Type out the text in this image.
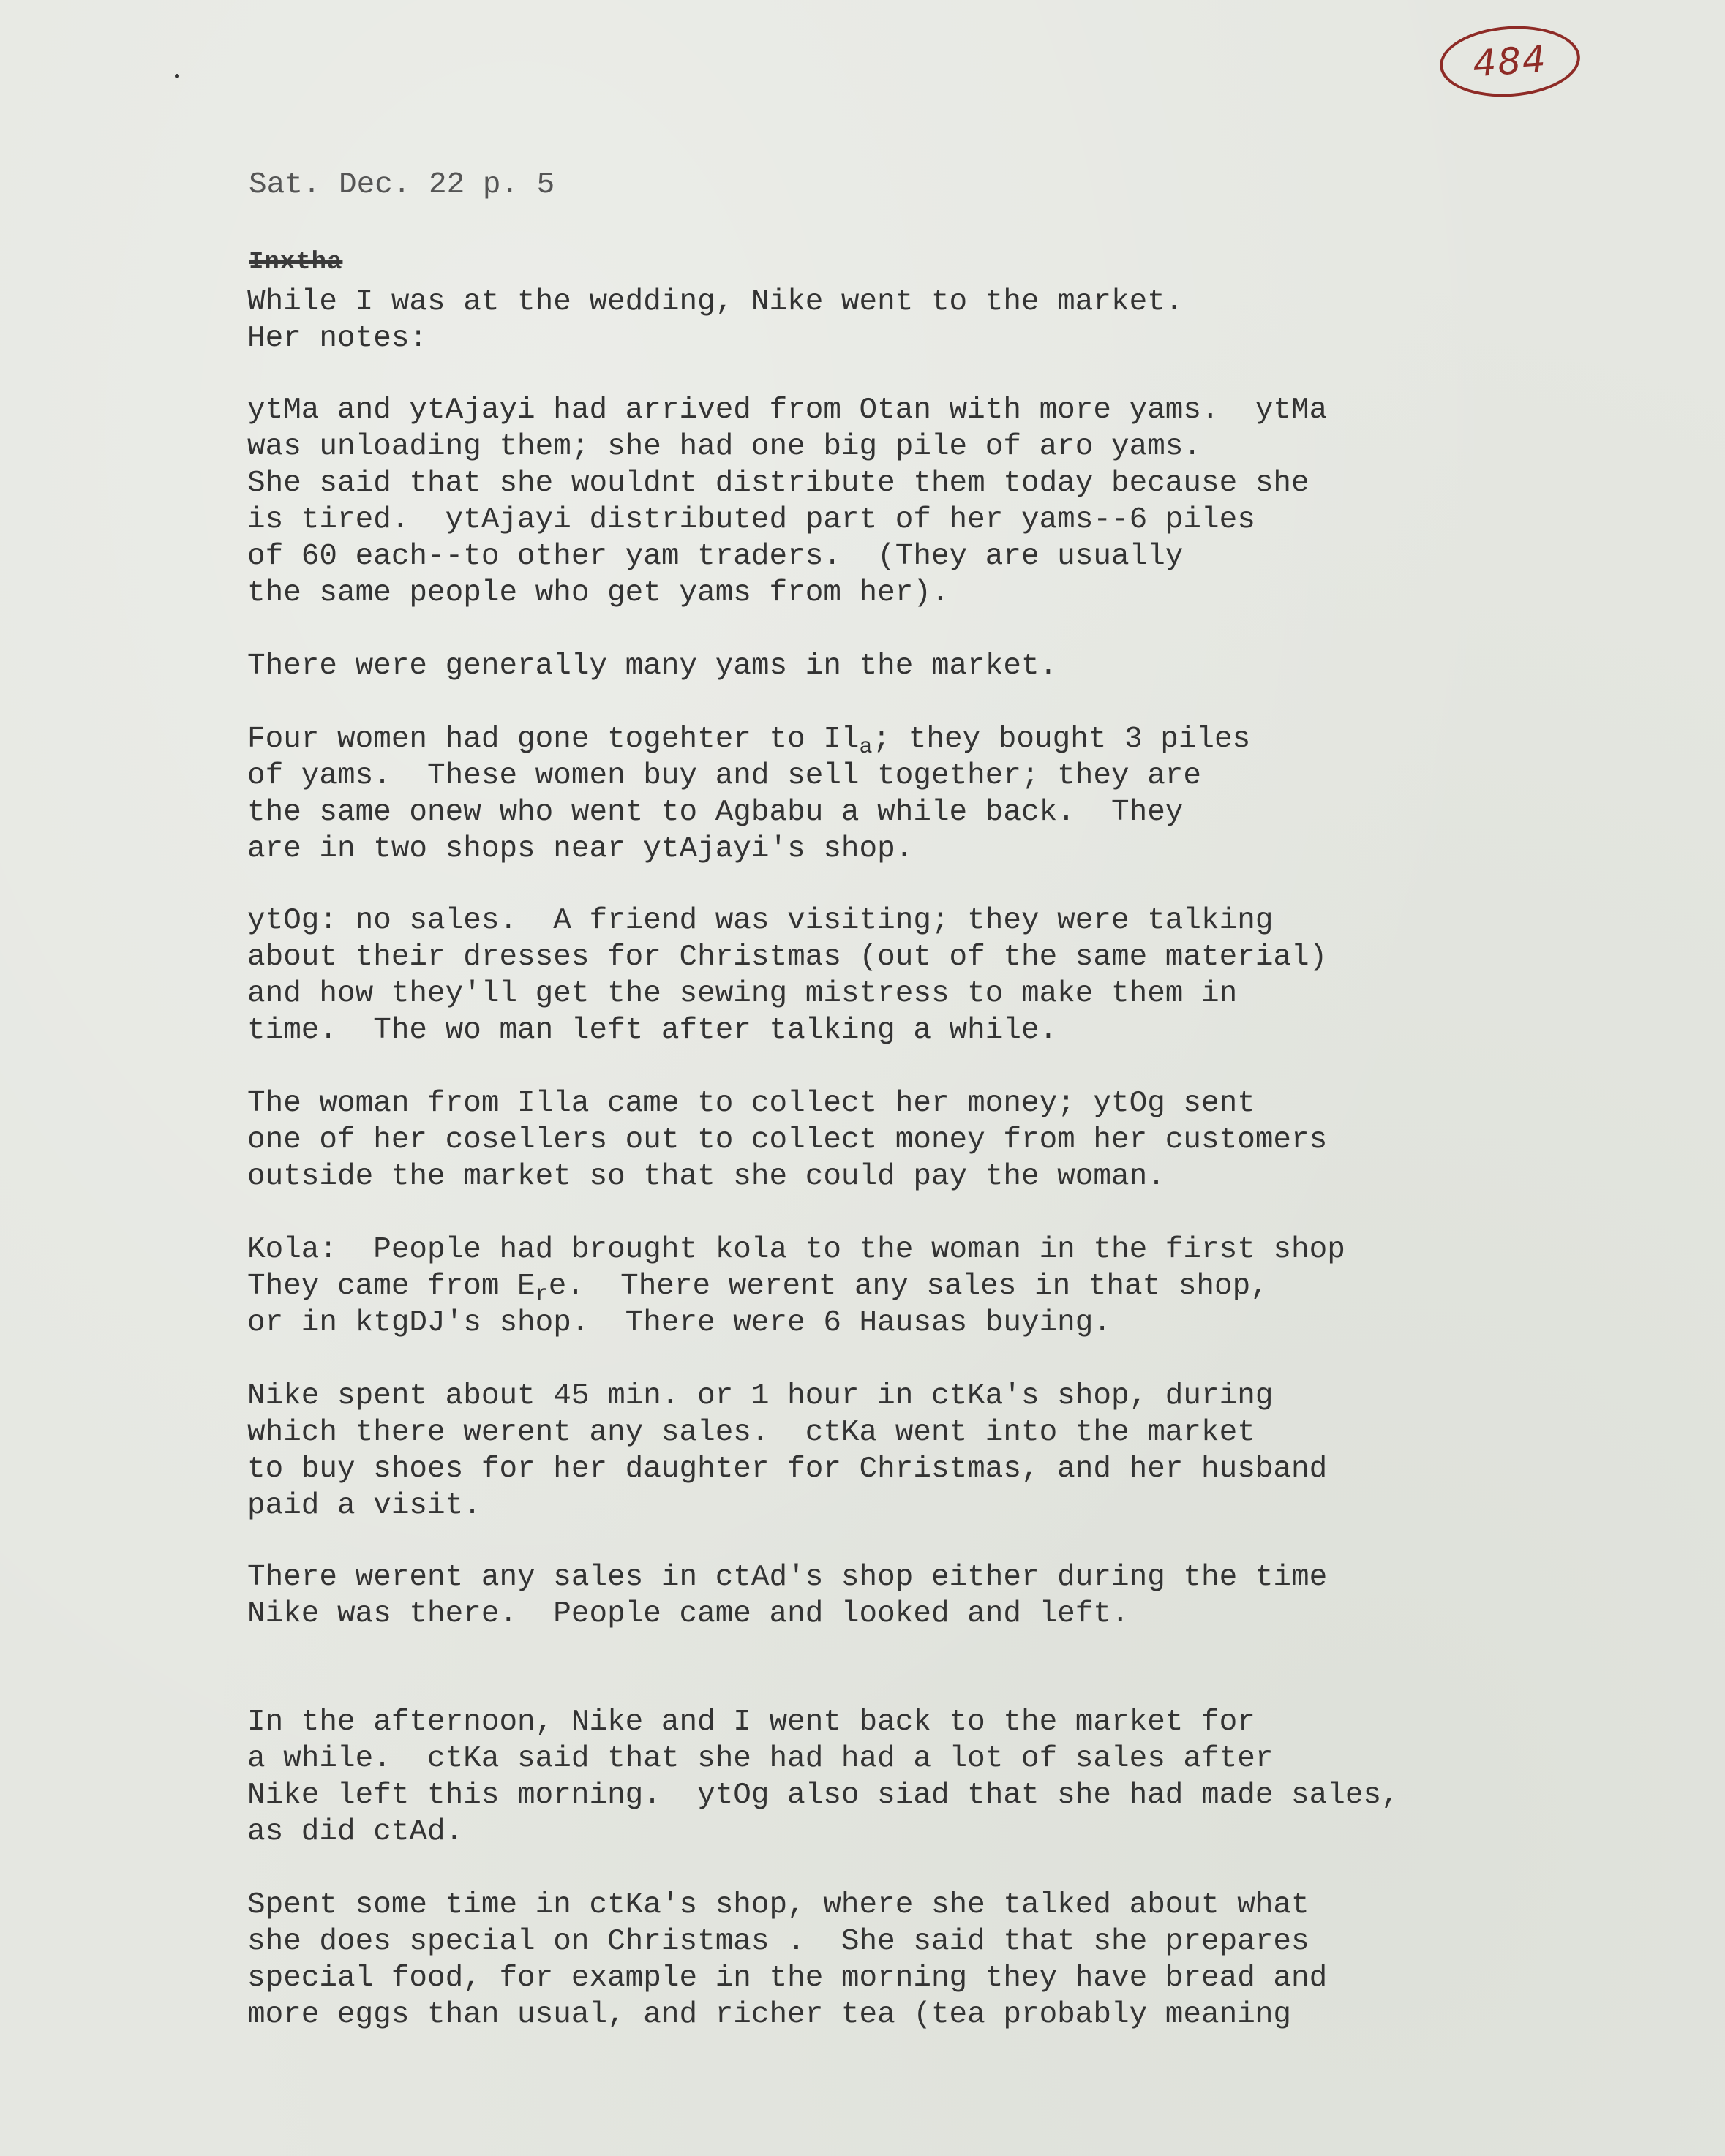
484
Sat. Dec. 22 p. 5
Inxtha
While I was at the wedding, Nike went to the market.
Her notes:
ytMa and ytAjayi had arrived from Otan with more yams.  ytMa
was unloading them; she had one big pile of aro yams.
She said that she wouldnt distribute them today because she
is tired.  ytAjayi distributed part of her yams--6 piles
of 60 each--to other yam traders.  (They are usually
the same people who get yams from her).
There were generally many yams in the market.
Four women had gone togehter to $Il_a$; they bought 3 piles
of yams.  These women buy and sell together; they are
the same onew who went to Agbabu a while back.  They
are in two shops near ytAjayi's shop.
ytOg: no sales.  A friend was visiting; they were talking
about their dresses for Christmas (out of the same material)
and how they'll get the sewing mistress to make them in
time.  The wo man left after talking a while.
The woman from Illa came to collect her money; ytOg sent
one of her cosellers out to collect money from her customers
outside the market so that she could pay the woman.
Kola:  People had brought kola to the woman in the first shop
They came from $E_re$.  There werent any sales in that shop,
or in ktgDJ's shop.  There were 6 Hausas buying.
Nike spent about 45 min. or 1 hour in ctKa's shop, during
which there werent any sales.  ctKa went into the market
to buy shoes for her daughter for Christmas, and her husband
paid a visit.
There werent any sales in ctAd's shop either during the time
Nike was there.  People came and looked and left.
In the afternoon, Nike and I went back to the market for
a while.  ctKa said that she had had a lot of sales after
Nike left this morning.  ytOg also siad that she had made sales,
as did ctAd.
Spent some time in ctKa's shop, where she talked about what
she does special on Christmas .  She said that she prepares
special food, for example in the morning they have bread and
more eggs than usual, and richer tea (tea probably meaning
